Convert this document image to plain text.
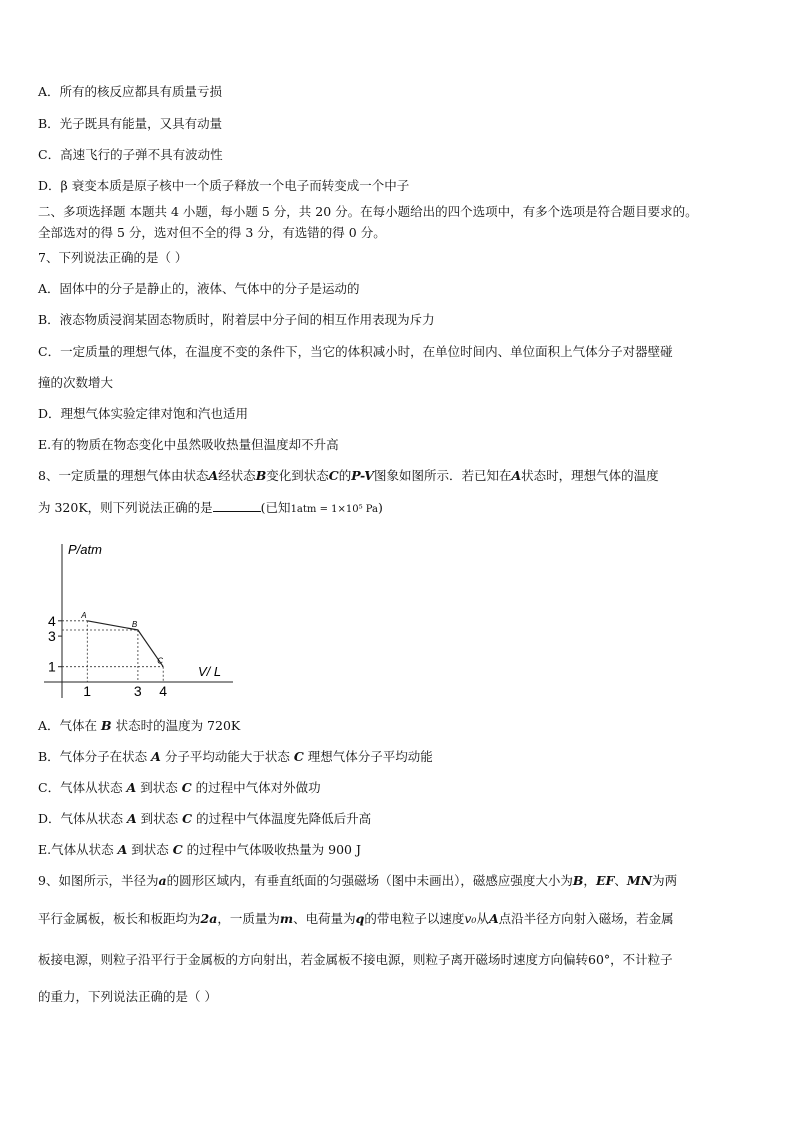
A．所有的核反应都具有质量亏损
B．光子既具有能量，又具有动量
C．高速飞行的子弹不具有波动性
D．β 衰变本质是原子核中一个质子释放一个电子而转变成一个中子
二、多项选择题 本题共 4 小题，每小题 5 分，共 20 分。在每小题给出的四个选项中，有多个选项是符合题目要求的。
全部选对的得 5 分，选对但不全的得 3 分，有选错的得 0 分。
7、下列说法正确的是（ ）
A．固体中的分子是静止的，液体、气体中的分子是运动的
B．液态物质浸润某固态物质时，附着层中分子间的相互作用表现为斥力
C．一定质量的理想气体，在温度不变的条件下，当它的体积减小时，在单位时间内、单位面积上气体分子对器壁碰
撞的次数增大
D．理想气体实验定律对饱和汽也适用
E.有的物质在物态变化中虽然吸收热量但温度却不升高
8、一定质量的理想气体由状态A经状态B变化到状态C的P-V图象如图所示．若已知在A状态时，理想气体的温度
为 320K，则下列说法正确的是	(已知1atm = 1×10⁵ Pa)
P/atm
V/ L
A
B
C
1
3
4
1	3 4
A．气体在 B 状态时的温度为 720K
B．气体分子在状态 A 分子平均动能大于状态 C 理想气体分子平均动能
C．气体从状态 A 到状态 C 的过程中气体对外做功
D．气体从状态 A 到状态 C 的过程中气体温度先降低后升高
E.气体从状态 A 到状态 C 的过程中气体吸收热量为 900 J
9、如图所示，半径为a的圆形区域内，有垂直纸面的匀强磁场（图中未画出），磁感应强度大小为B，EF、MN为两
平行金属板，板长和板距均为2a，一质量为m、电荷量为q的带电粒子以速度v₀从A点沿半径方向射入磁场，若金属
板接电源，则粒子沿平行于金属板的方向射出，若金属板不接电源，则粒子离开磁场时速度方向偏转60°，不计粒子
的重力，下列说法正确的是（ ）
